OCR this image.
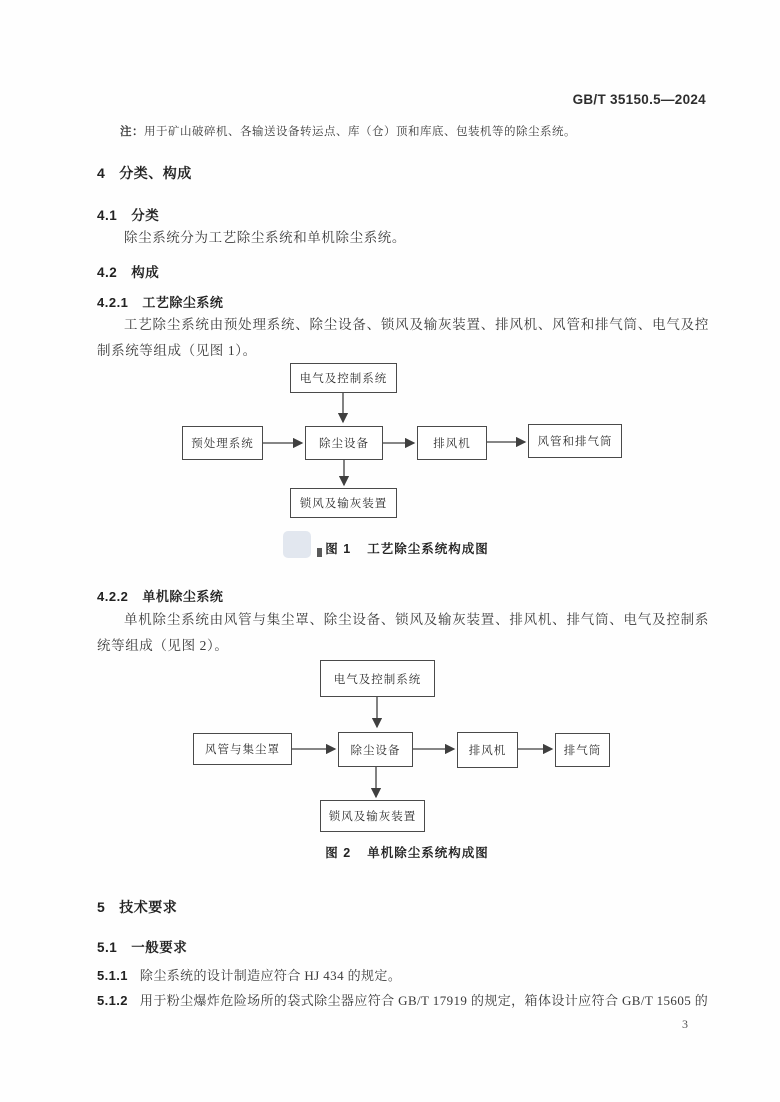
GB/T 35150.5—2024
注：用于矿山破碎机、各输送设备转运点、库（仓）顶和库底、包装机等的除尘系统。
4 分类、构成
4.1 分类
除尘系统分为工艺除尘系统和单机除尘系统。
4.2 构成
4.2.1 工艺除尘系统
工艺除尘系统由预处理系统、除尘设备、锁风及输灰装置、排风机、风管和排气筒、电气及控制系统等组成（见图 1）。
电气及控制系统
预处理系统	除尘设备	排风机	风管和排气筒
锁风及输灰装置
图 1 工艺除尘系统构成图
4.2.2 单机除尘系统
单机除尘系统由风管与集尘罩、除尘设备、锁风及输灰装置、排风机、排气筒、电气及控制系统等组成（见图 2）。
电气及控制系统
风管与集尘罩	除尘设备	排风机	排气筒
锁风及输灰装置
图 2 单机除尘系统构成图
5 技术要求
5.1 一般要求
5.1.1 除尘系统的设计制造应符合 HJ 434 的规定。
5.1.2 用于粉尘爆炸危险场所的袋式除尘器应符合 GB/T 17919 的规定，箱体设计应符合 GB/T 15605 的
3
